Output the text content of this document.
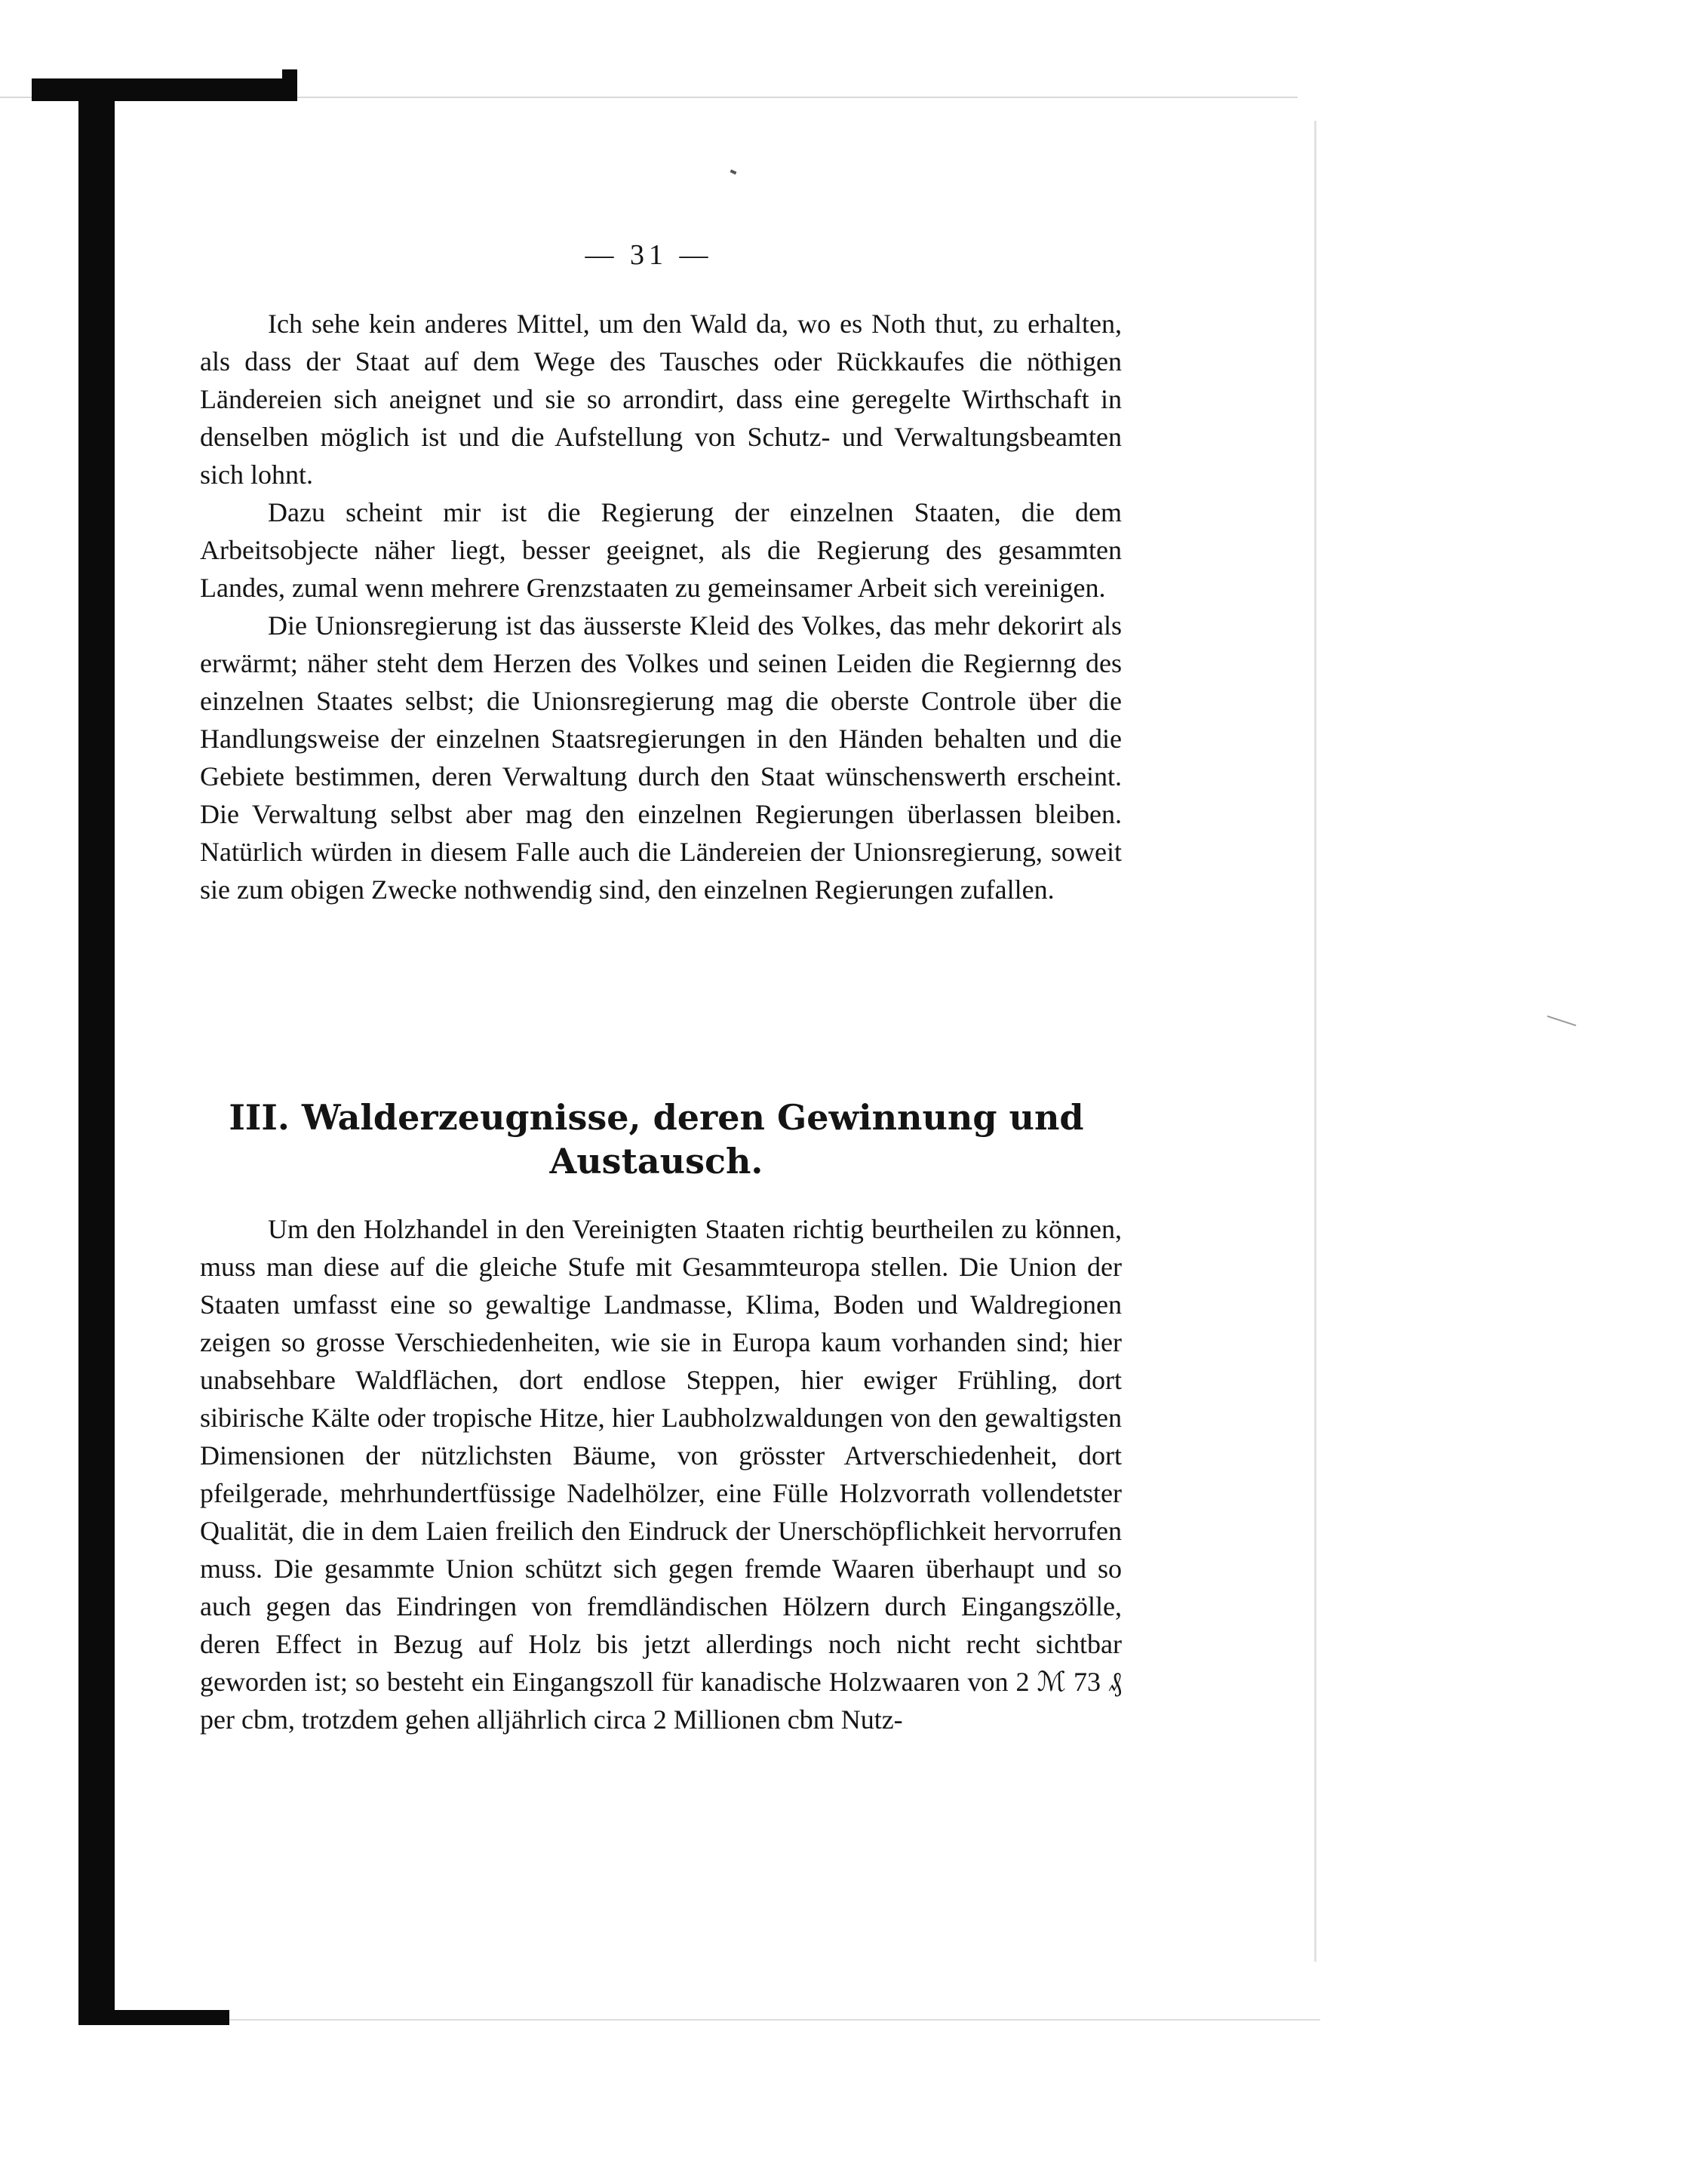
— 31 —

Ich sehe kein anderes Mittel, um den Wald da, wo es Noth thut, zu erhalten, als dass der Staat auf dem Wege des Tausches oder Rückkaufes die nöthigen Ländereien sich aneignet und sie so arrondirt, dass eine geregelte Wirthschaft in denselben möglich ist und die Aufstellung von Schutz- und Verwaltungsbeamten sich lohnt.

Dazu scheint mir ist die Regierung der einzelnen Staaten, die dem Arbeitsobjecte näher liegt, besser geeignet, als die Regierung des gesammten Landes, zumal wenn mehrere Grenzstaaten zu gemeinsamer Arbeit sich vereinigen.

Die Unionsregierung ist das äusserste Kleid des Volkes, das mehr dekorirt als erwärmt; näher steht dem Herzen des Volkes und seinen Leiden die Regiernng des einzelnen Staates selbst; die Unionsregierung mag die oberste Controle über die Handlungsweise der einzelnen Staatsregierungen in den Händen behalten und die Gebiete bestimmen, deren Verwaltung durch den Staat wünschenswerth erscheint. Die Verwaltung selbst aber mag den einzelnen Regierungen überlassen bleiben. Natürlich würden in diesem Falle auch die Ländereien der Unionsregierung, soweit sie zum obigen Zwecke nothwendig sind, den einzelnen Regierungen zufallen.

III. Walderzeugnisse, deren Gewinnung und Austausch.

Um den Holzhandel in den Vereinigten Staaten richtig beurtheilen zu können, muss man diese auf die gleiche Stufe mit Gesammteuropa stellen. Die Union der Staaten umfasst eine so gewaltige Landmasse, Klima, Boden und Waldregionen zeigen so grosse Verschiedenheiten, wie sie in Europa kaum vorhanden sind; hier unabsehbare Waldflächen, dort endlose Steppen, hier ewiger Frühling, dort sibirische Kälte oder tropische Hitze, hier Laubholzwaldungen von den gewaltigsten Dimensionen der nützlichsten Bäume, von grösster Artverschiedenheit, dort pfeilgerade, mehrhundertfüssige Nadelhölzer, eine Fülle Holzvorrath vollendetster Qualität, die in dem Laien freilich den Eindruck der Unerschöpflichkeit hervorrufen muss. Die gesammte Union schützt sich gegen fremde Waaren überhaupt und so auch gegen das Eindringen von fremdländischen Hölzern durch Eingangszölle, deren Effect in Bezug auf Holz bis jetzt allerdings noch nicht recht sichtbar geworden ist; so besteht ein Eingangszoll für kanadische Holzwaaren von 2 ℳ 73 ₰ per cbm, trotzdem gehen alljährlich circa 2 Millionen cbm Nutz-
